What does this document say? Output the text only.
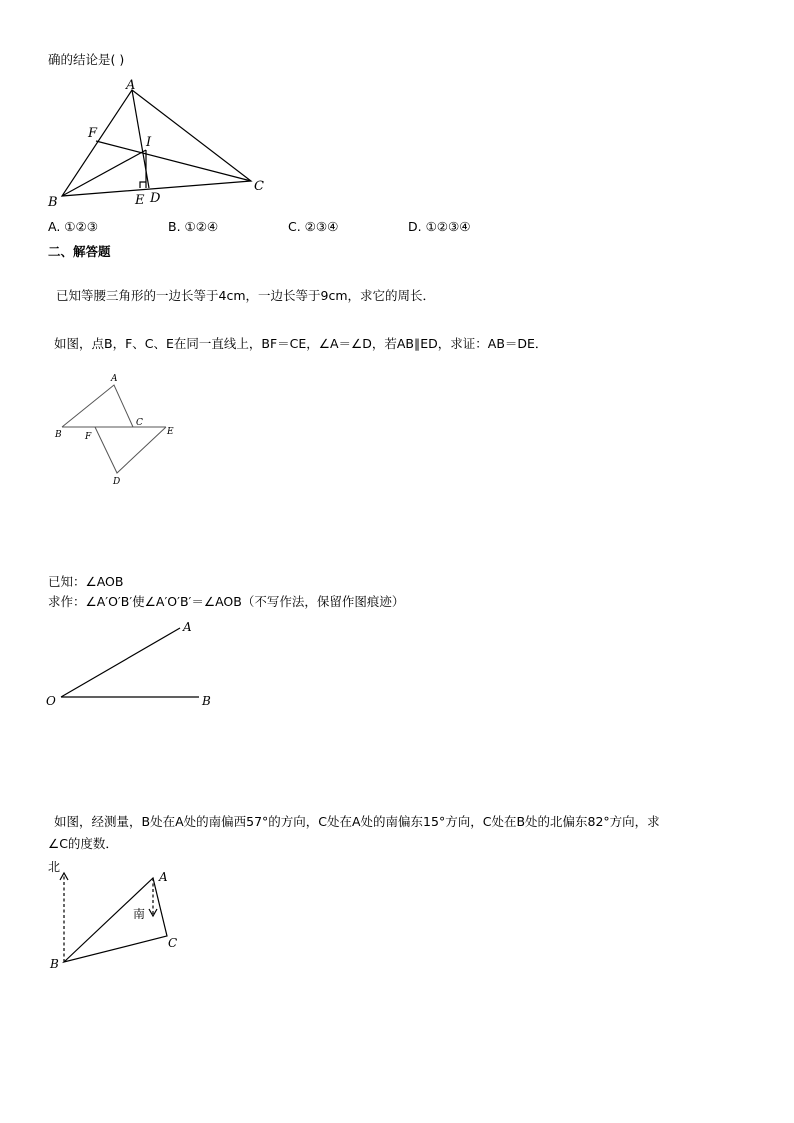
确的结论是( )
A
F
I
C
B	E D
A. ①②③	B. ①②④	C. ②③④	D. ①②③④
二、解答题
已知等腰三角形的一边长等于4cm，一边长等于9cm，求它的周长．
如图，点B，F、C、E在同一直线上，BF＝CE，∠A＝∠D，若AB∥ED，求证：AB＝DE．
A
B	F
C
E
D
已知：∠AOB
求作：∠A′O′B′使∠A′O′B′＝∠AOB（不写作法，保留作图痕迹）
A
O	B
如图，经测量，B处在A处的南偏西57°的方向，C处在A处的南偏东15°方向，C处在B处的北偏东82°方向，求
∠C的度数．
北
南
A
C
B
